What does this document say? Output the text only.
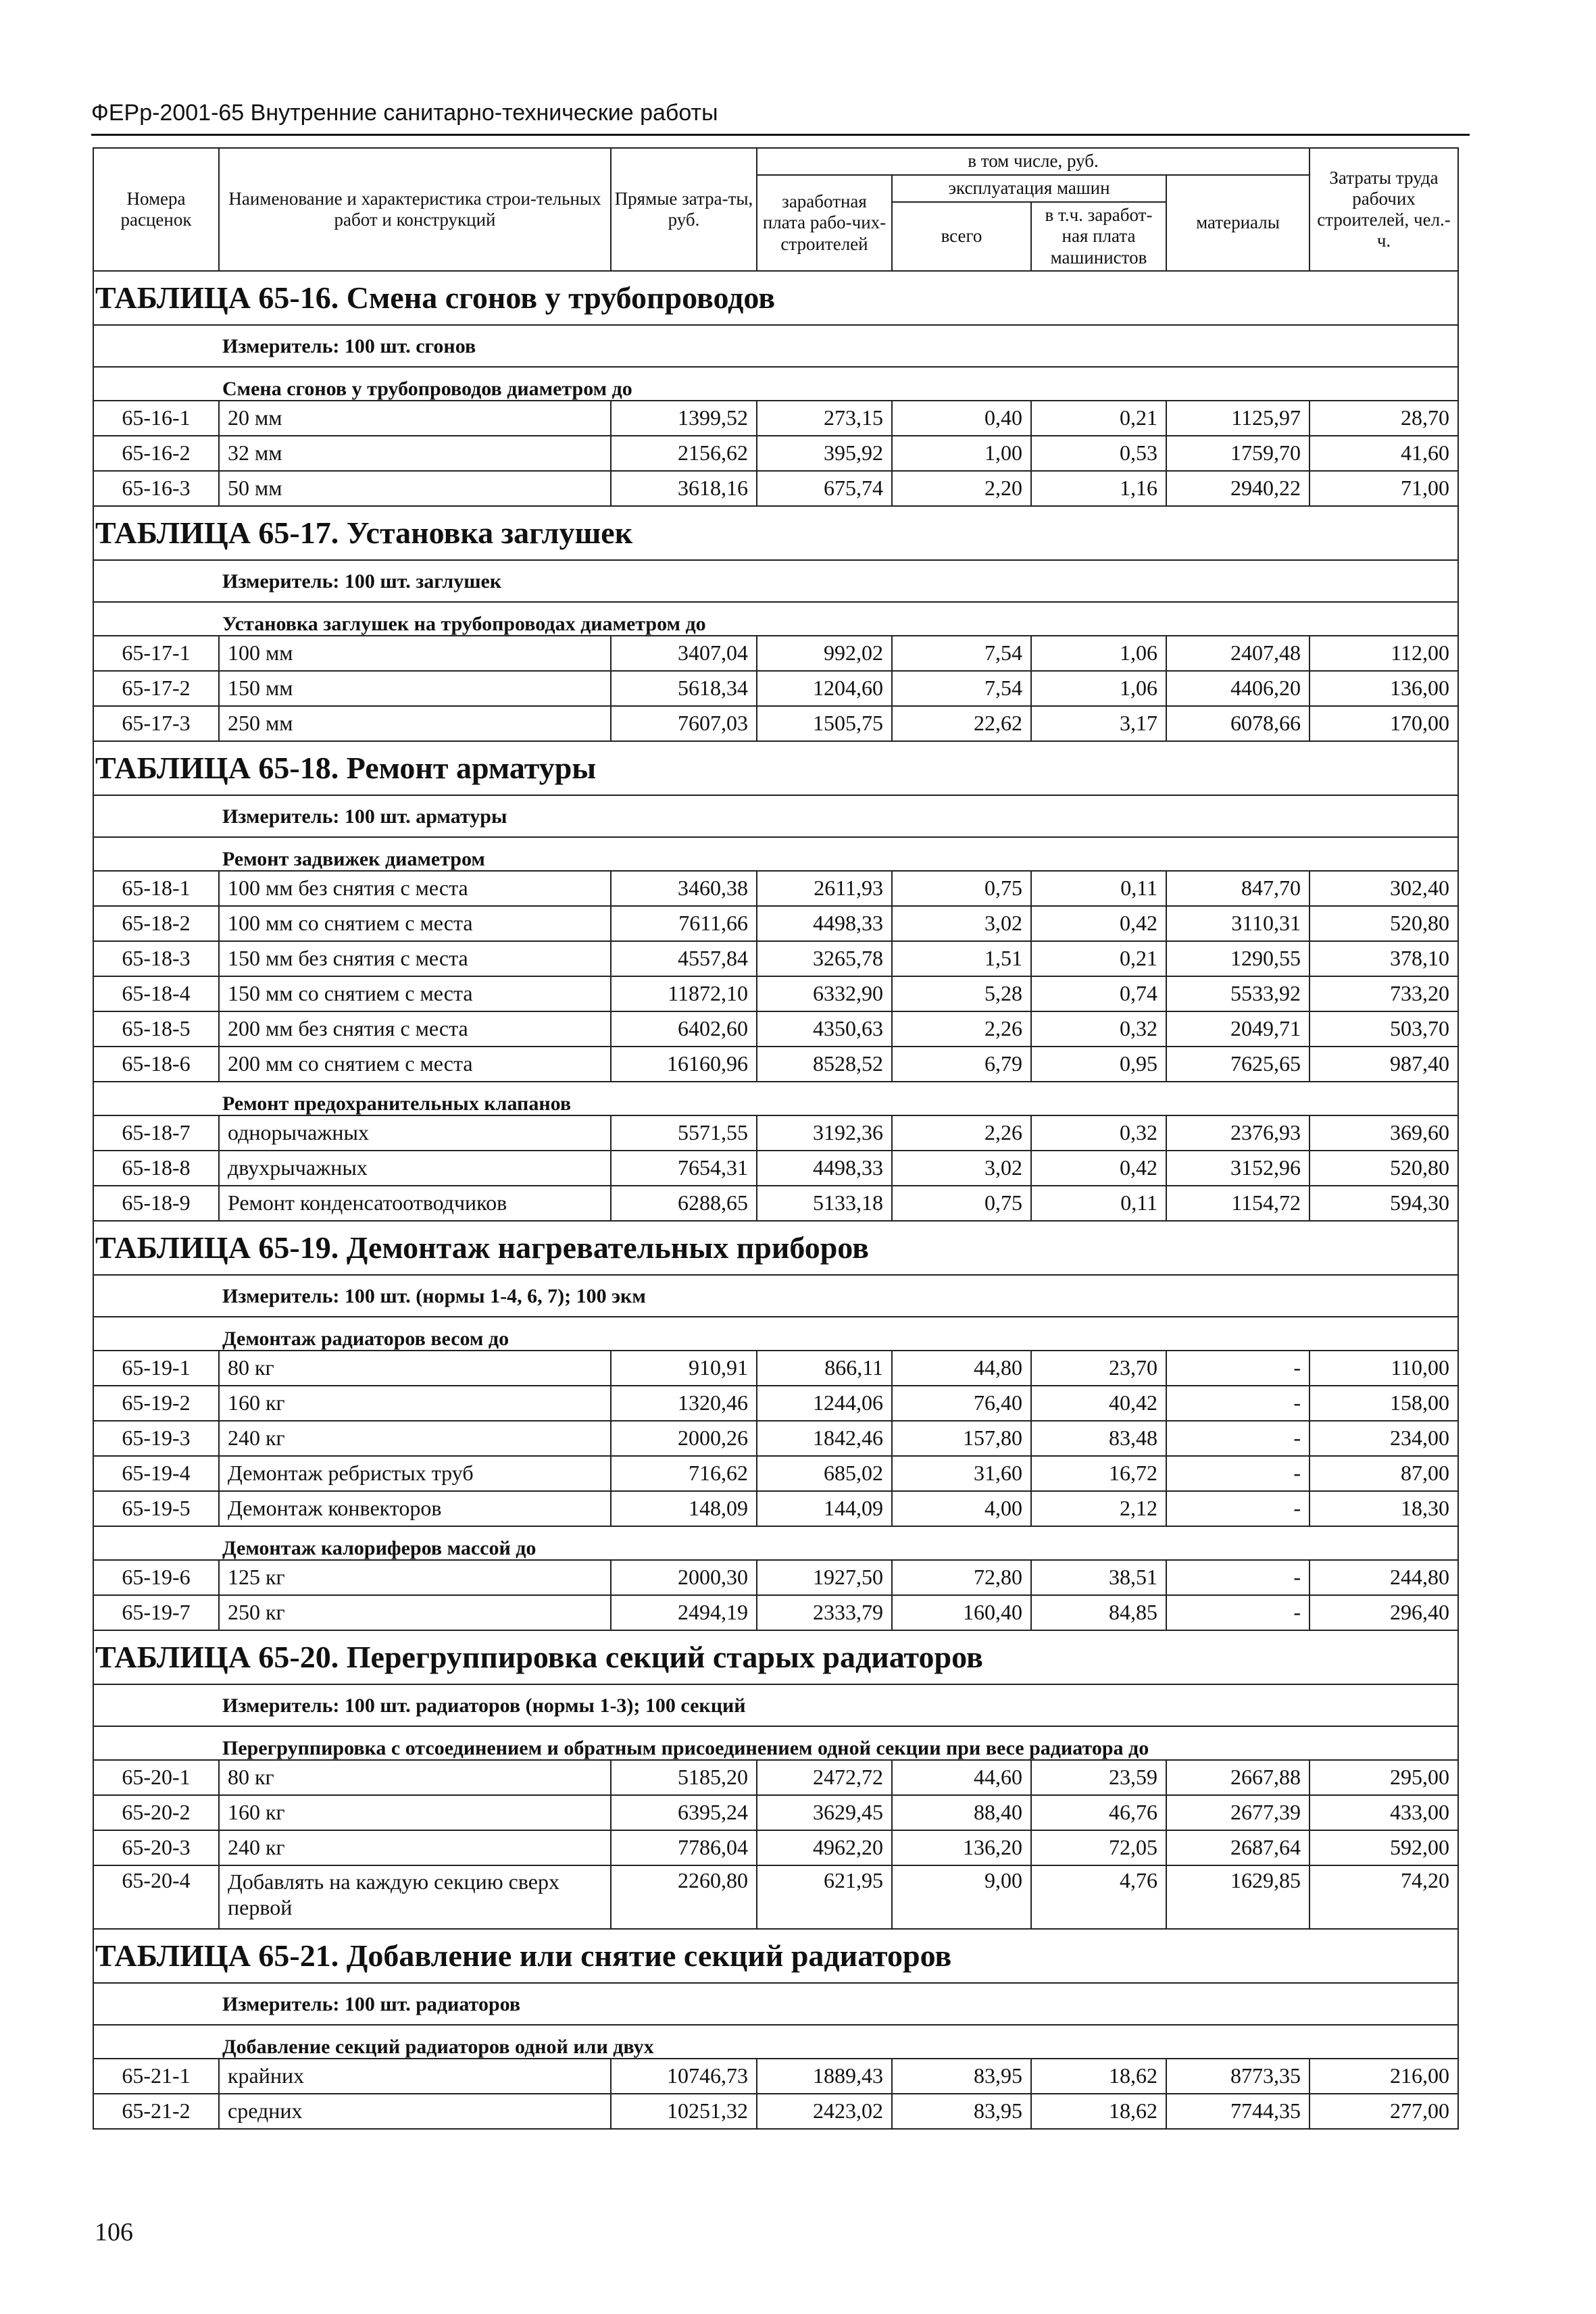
ФЕРр-2001-65 Внутренние санитарно-технические работы
Номера расценок	Наименование и характеристика строи-тельных работ и конструкций	Прямые затра-ты, руб.	в том числе, руб.				Затраты труда рабочих строителей, чел.-ч.
			заработная плата рабо-чих-строителей	эксплуатация машин		материалы	
				всего	в т.ч. заработ-ная плата машинистов		
ТАБЛИЦА 65-16. Смена сгонов у трубопроводов							
Измеритель: 100 шт. сгонов							
Смена сгонов у трубопроводов диаметром до							
65-16-1	20 мм	1399,52	273,15	0,40	0,21	1125,97	28,70
65-16-2	32 мм	2156,62	395,92	1,00	0,53	1759,70	41,60
65-16-3	50 мм	3618,16	675,74	2,20	1,16	2940,22	71,00
ТАБЛИЦА 65-17. Установка заглушек							
Измеритель: 100 шт. заглушек							
Установка заглушек на трубопроводах диаметром до							
65-17-1	100 мм	3407,04	992,02	7,54	1,06	2407,48	112,00
65-17-2	150 мм	5618,34	1204,60	7,54	1,06	4406,20	136,00
65-17-3	250 мм	7607,03	1505,75	22,62	3,17	6078,66	170,00
ТАБЛИЦА 65-18. Ремонт арматуры							
Измеритель: 100 шт. арматуры							
Ремонт задвижек диаметром							
65-18-1	100 мм без снятия с места	3460,38	2611,93	0,75	0,11	847,70	302,40
65-18-2	100 мм со снятием с места	7611,66	4498,33	3,02	0,42	3110,31	520,80
65-18-3	150 мм без снятия с места	4557,84	3265,78	1,51	0,21	1290,55	378,10
65-18-4	150 мм со снятием с места	11872,10	6332,90	5,28	0,74	5533,92	733,20
65-18-5	200 мм без снятия с места	6402,60	4350,63	2,26	0,32	2049,71	503,70
65-18-6	200 мм со снятием с места	16160,96	8528,52	6,79	0,95	7625,65	987,40
Ремонт предохранительных клапанов							
65-18-7	однорычажных	5571,55	3192,36	2,26	0,32	2376,93	369,60
65-18-8	двухрычажных	7654,31	4498,33	3,02	0,42	3152,96	520,80
65-18-9	Ремонт конденсатоотводчиков	6288,65	5133,18	0,75	0,11	1154,72	594,30
ТАБЛИЦА 65-19. Демонтаж нагревательных приборов							
Измеритель: 100 шт. (нормы 1-4, 6, 7); 100 экм							
Демонтаж радиаторов весом до							
65-19-1	80 кг	910,91	866,11	44,80	23,70	-	110,00
65-19-2	160 кг	1320,46	1244,06	76,40	40,42	-	158,00
65-19-3	240 кг	2000,26	1842,46	157,80	83,48	-	234,00
65-19-4	Демонтаж ребристых труб	716,62	685,02	31,60	16,72	-	87,00
65-19-5	Демонтаж конвекторов	148,09	144,09	4,00	2,12	-	18,30
Демонтаж калориферов массой до							
65-19-6	125 кг	2000,30	1927,50	72,80	38,51	-	244,80
65-19-7	250 кг	2494,19	2333,79	160,40	84,85	-	296,40
ТАБЛИЦА 65-20. Перегруппировка секций старых радиаторов							
Измеритель: 100 шт. радиаторов (нормы 1-3); 100 секций							
Перегруппировка с отсоединением и обратным присоединением одной секции при весе радиатора до							
65-20-1	80 кг	5185,20	2472,72	44,60	23,59	2667,88	295,00
65-20-2	160 кг	6395,24	3629,45	88,40	46,76	2677,39	433,00
65-20-3	240 кг	7786,04	4962,20	136,20	72,05	2687,64	592,00
65-20-4	Добавлять на каждую секцию сверх первой	2260,80	621,95	9,00	4,76	1629,85	74,20
ТАБЛИЦА 65-21. Добавление или снятие секций радиаторов							
Измеритель: 100 шт. радиаторов							
Добавление секций радиаторов одной или двух							
65-21-1	крайних	10746,73	1889,43	83,95	18,62	8773,35	216,00
65-21-2	средних	10251,32	2423,02	83,95	18,62	7744,35	277,00
106
